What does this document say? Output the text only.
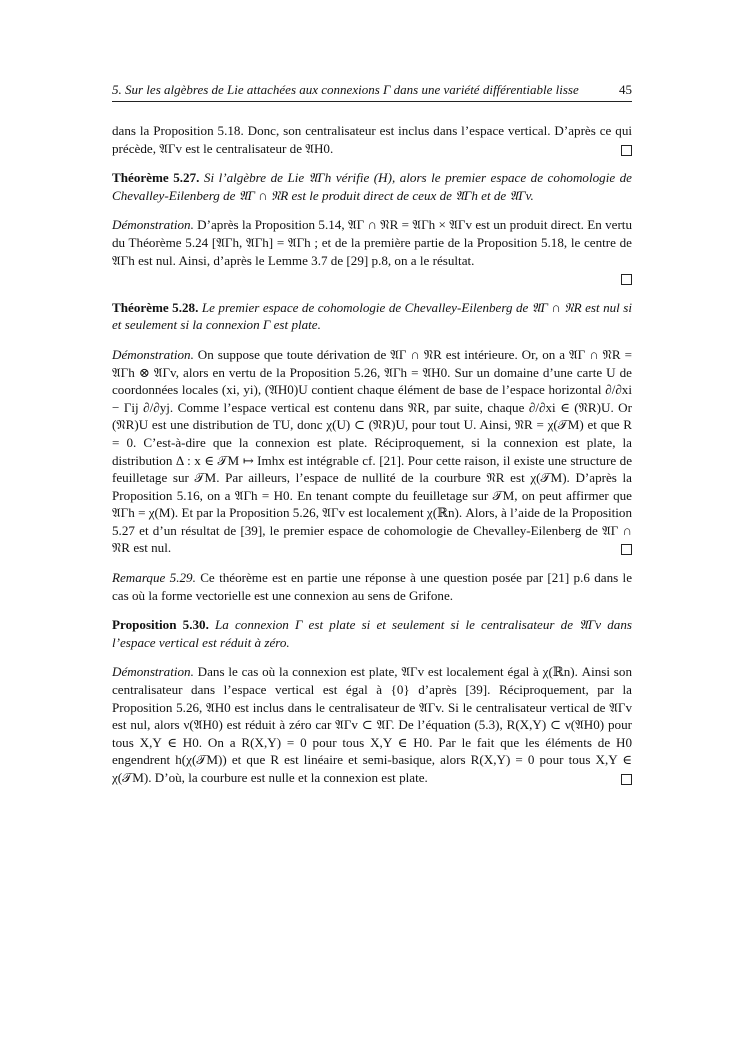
5. Sur les algèbres de Lie attachées aux connexions Γ dans une variété différentiable lisse	45

dans la Proposition 5.18. Donc, son centralisateur est inclus dans l’espace vertical. D’après ce qui précède, 𝔄Γv est le centralisateur de 𝔄H0.

Théorème 5.27. Si l’algèbre de Lie 𝔄Γh vérifie (H), alors le premier espace de cohomologie de Chevalley-Eilenberg de 𝔄Γ ∩ 𝔑R est le produit direct de ceux de 𝔄Γh et de 𝔄Γv.

Démonstration. D’après la Proposition 5.14, 𝔄Γ ∩ 𝔑R = 𝔄Γh × 𝔄Γv est un produit direct. En vertu du Théorème 5.24 [𝔄Γh, 𝔄Γh] = 𝔄Γh ; et de la première partie de la Proposition 5.18, le centre de 𝔄Γh est nul. Ainsi, d’après le Lemme 3.7 de [29] p.8, on a le résultat.

Théorème 5.28. Le premier espace de cohomologie de Chevalley-Eilenberg de 𝔄Γ ∩ 𝔑R est nul si et seulement si la connexion Γ est plate.

Démonstration. On suppose que toute dérivation de 𝔄Γ ∩ 𝔑R est intérieure. Or, on a 𝔄Γ ∩ 𝔑R = 𝔄Γh ⊗ 𝔄Γv, alors en vertu de la Proposition 5.26, 𝔄Γh = 𝔄H0. Sur un domaine d’une carte U de coordonnées locales (xi, yi), (𝔄H0)U contient chaque élément de base de l’espace horizontal ∂/∂xi − Γij ∂/∂yj. Comme l’espace vertical est contenu dans 𝔑R, par suite, chaque ∂/∂xi ∈ (𝔑R)U. Or (𝔑R)U est une distribution de TU, donc χ(U) ⊂ (𝔑R)U, pour tout U. Ainsi, 𝔑R = χ(𝒯M) et que R = 0. C’est-à-dire que la connexion est plate. Réciproquement, si la connexion est plate, la distribution Δ : x ∈ 𝒯M ↦ Imhx est intégrable cf. [21]. Pour cette raison, il existe une structure de feuilletage sur 𝒯M. Par ailleurs, l’espace de nullité de la courbure 𝔑R est χ(𝒯M). D’après la Proposition 5.16, on a 𝔄Γh = H0. En tenant compte du feuilletage sur 𝒯M, on peut affirmer que 𝔄Γh = χ(M). Et par la Proposition 5.26, 𝔄Γv est localement χ(ℝn). Alors, à l’aide de la Proposition 5.27 et d’un résultat de [39], le premier espace de cohomologie de Chevalley-Eilenberg de 𝔄Γ ∩ 𝔑R est nul.

Remarque 5.29. Ce théorème est en partie une réponse à une question posée par [21] p.6 dans le cas où la forme vectorielle est une connexion au sens de Grifone.

Proposition 5.30. La connexion Γ est plate si et seulement si le centralisateur de 𝔄Γv dans l’espace vertical est réduit à zéro.

Démonstration. Dans le cas où la connexion est plate, 𝔄Γv est localement égal à χ(ℝn). Ainsi son centralisateur dans l’espace vertical est égal à {0} d’après [39]. Réciproquement, par la Proposition 5.26, 𝔄H0 est inclus dans le centralisateur de 𝔄Γv. Si le centralisateur vertical de 𝔄Γv est nul, alors ν(𝔄H0) est réduit à zéro car 𝔄Γv ⊂ 𝔄Γ. De l’équation (5.3), R(X,Y) ⊂ ν(𝔄H0) pour tous X,Y ∈ H0. On a R(X,Y) = 0 pour tous X,Y ∈ H0. Par le fait que les éléments de H0 engendrent h(χ(𝒯M)) et que R est linéaire et semi-basique, alors R(X,Y) = 0 pour tous X,Y ∈ χ(𝒯M). D’où, la courbure est nulle et la connexion est plate.
